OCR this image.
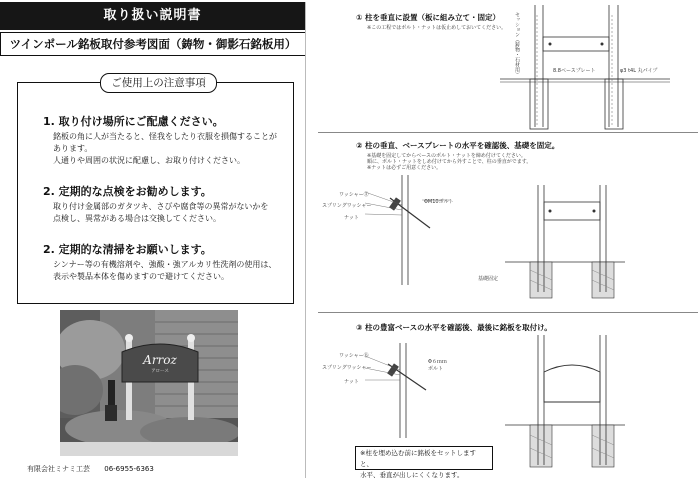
取り扱い説明書
ツインポール銘板取付参考図面（鋳物・御影石銘板用）
ご使用上の注意事項
1. 取り付け場所にご配慮ください。
銘板の角に人が当たると、怪我をしたり衣服を損傷することが
あります。
人通りや周囲の状況に配慮し、お取り付けください。
2. 定期的な点検をお勧めします。
取り付け金属部のガタツキ、さびや腐食等の異常がないかを
点検し、異常がある場合は交換してください。
2. 定期的な清掃をお願いします。
シンナー等の有機溶剤や、強酸・強アルカリ性洗剤の使用は、
表示や製品本体を傷めますので避けてください。
Arroz
アロース
有限会社ミナミ工芸 06-6955-6363
① 柱を垂直に設置（板に組み立て・固定）
※この工程ではボルト・ナットは仮止めしておいてください。 セッション（鋳物・石材用）	8.8ベースプレート	φ3 t4L 丸パイプ
② 柱の垂直、ベースプレートの水平を確認後、基礎を固定。
※基礎を固定してからベースのボルト・ナットを締め付けてください。
順に、ボルト・ナットをしめ付けてから外すことで、柱の垂直がでます。
※ナットは必ずご用意ください。
ワッシャーⒶ
スプリングワッシャー
ナット
ΦΜ10ボルト
基礎固定
③ 柱の豊富ベースの水平を確認後、最後に銘板を取付け。
ワッシャーⒷ
スプリングワッシャー
ナット
Φ６ｍｍ
ボルト
※柱を埋め込む前に銘板をセットしますと、
水平、垂直が出しにくくなります。
